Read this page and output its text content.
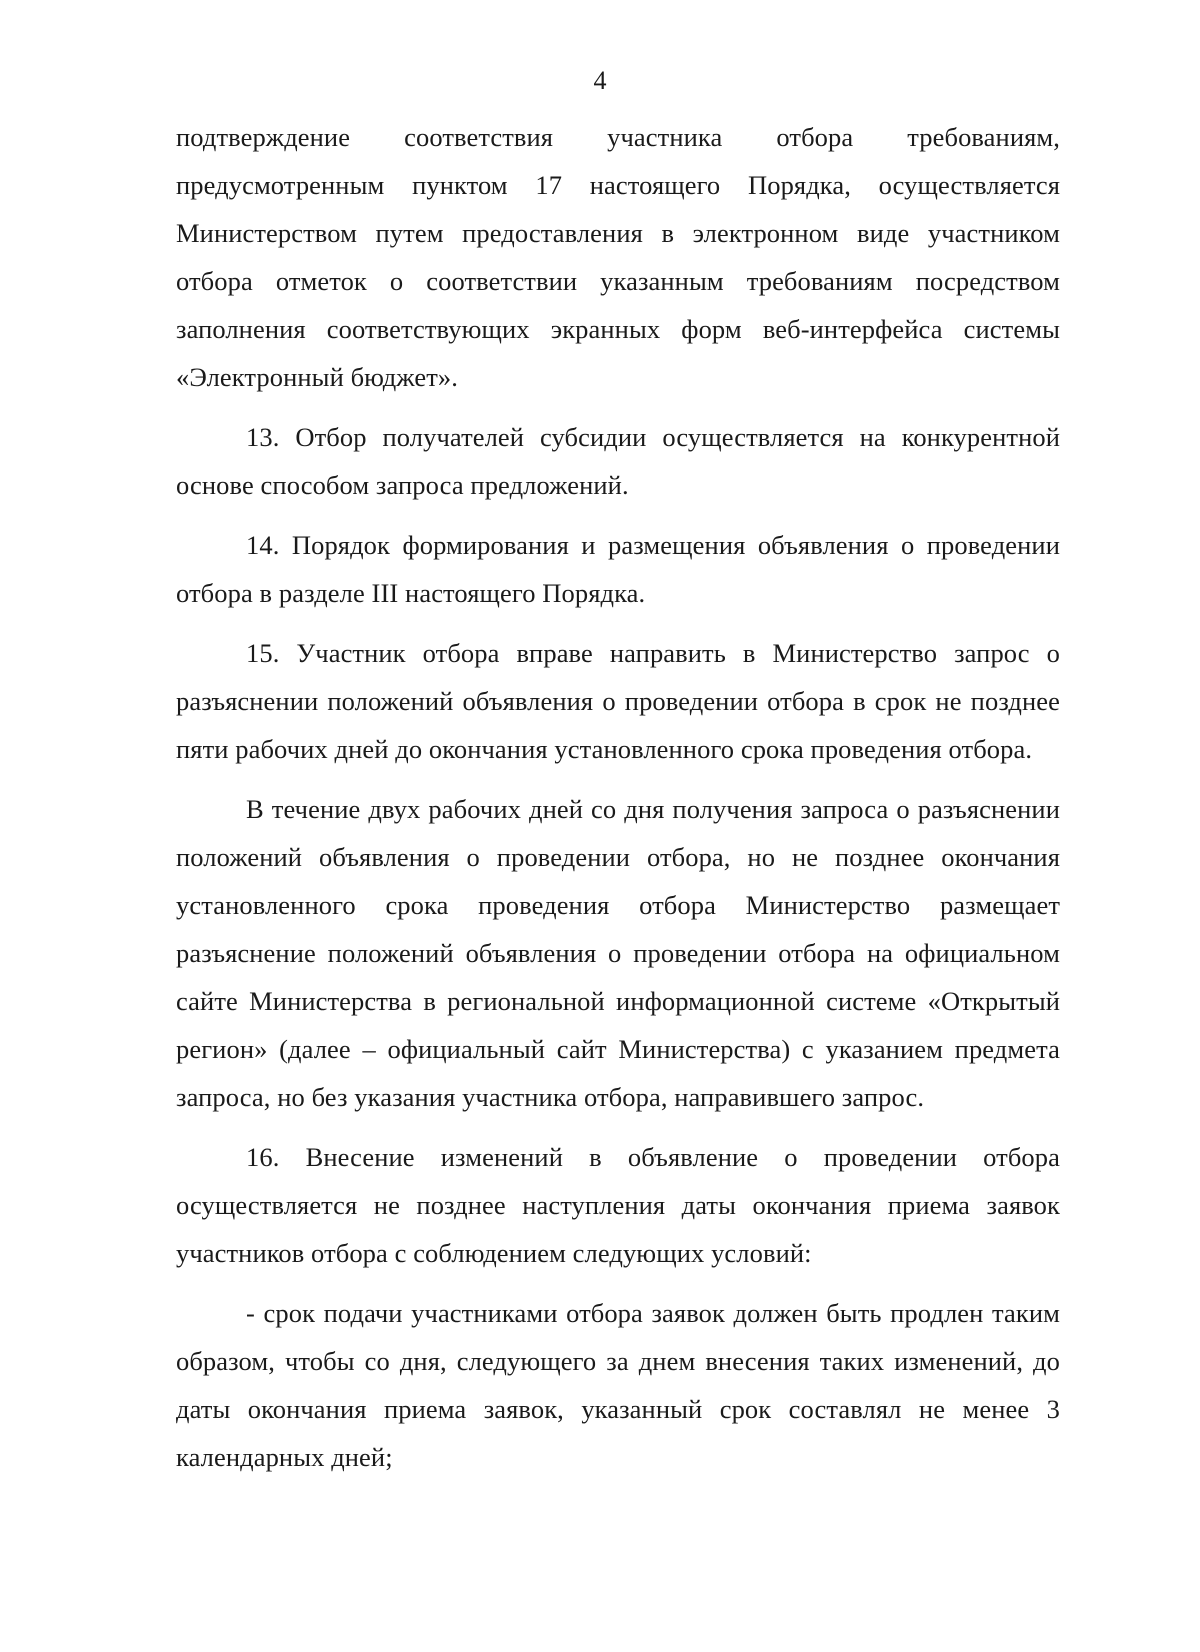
4

подтверждение соответствия участника отбора требованиям, предусмотренным пунктом 17 настоящего Порядка, осуществляется Министерством путем предоставления в электронном виде участником отбора отметок о соответствии указанным требованиям посредством заполнения соответствующих экранных форм веб-интерфейса системы «Электронный бюджет».

13. Отбор получателей субсидии осуществляется на конкурентной основе способом запроса предложений.

14. Порядок формирования и размещения объявления о проведении отбора в разделе III настоящего Порядка.

15. Участник отбора вправе направить в Министерство запрос о разъяснении положений объявления о проведении отбора в срок не позднее пяти рабочих дней до окончания установленного срока проведения отбора.

В течение двух рабочих дней со дня получения запроса о разъяснении положений объявления о проведении отбора, но не позднее окончания установленного срока проведения отбора Министерство размещает разъяснение положений объявления о проведении отбора на официальном сайте Министерства в региональной информационной системе «Открытый регион» (далее – официальный сайт Министерства) с указанием предмета запроса, но без указания участника отбора, направившего запрос.

16. Внесение изменений в объявление о проведении отбора осуществляется не позднее наступления даты окончания приема заявок участников отбора с соблюдением следующих условий:

- срок подачи участниками отбора заявок должен быть продлен таким образом, чтобы со дня, следующего за днем внесения таких изменений, до даты окончания приема заявок, указанный срок составлял не менее 3 календарных дней;
